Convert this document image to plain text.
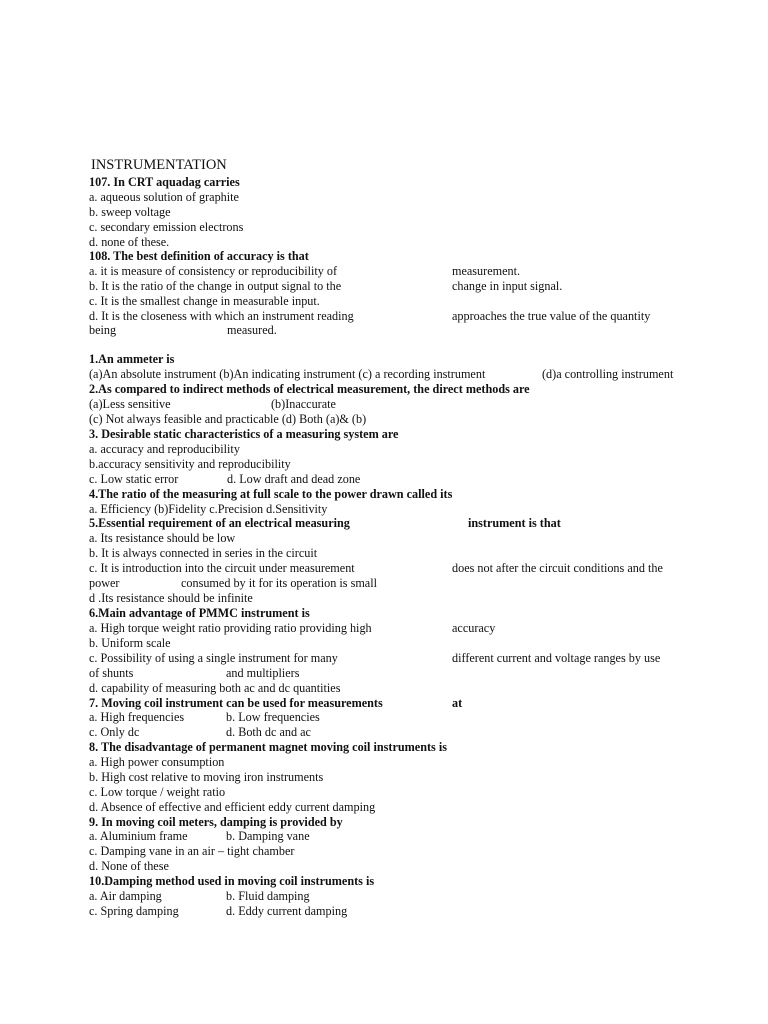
INSTRUMENTATION
107. In CRT aquadag carries
a. aqueous solution of graphite
b. sweep voltage
c. secondary emission electrons
d. none of these.
108. The best definition of accuracy is that
a. it is measure of consistency or reproducibility of	measurement.
b. It is the ratio of the change in output signal to the	change in input signal.
c. It is the smallest change in measurable input.
d. It is the closeness with which an instrument reading	approaches the true value of the quantity
being	measured.
1.An ammeter is
(a)An absolute instrument (b)An indicating instrument (c) a recording instrument	(d)a controlling instrument
2.As compared to indirect methods of electrical measurement, the direct methods are
(a)Less sensitive	(b)Inaccurate
(c) Not always feasible and practicable (d) Both (a)& (b)
3. Desirable static characteristics of a measuring system are
a. accuracy and reproducibility
b.accuracy sensitivity and reproducibility
c. Low static error	d. Low draft and dead zone
4.The ratio of the measuring at full scale to the power drawn called its
a. Efficiency (b)Fidelity c.Precision d.Sensitivity
5.Essential requirement of an electrical measuring	instrument is that
a. Its resistance should be low
b. It is always connected in series in the circuit
c. It is introduction into the circuit under measurement	does not after the circuit conditions and the
power	consumed by it for its operation is small
d .Its resistance should be infinite
6.Main advantage of PMMC instrument is
a. High torque weight ratio providing ratio providing high	accuracy
b. Uniform scale
c. Possibility of using a single instrument for many	different current and voltage ranges by use
of shunts	and multipliers
d. capability of measuring both ac and dc quantities
7. Moving coil instrument can be used for measurements	at
a. High frequencies	b. Low frequencies
c. Only dc	d. Both dc and ac
8. The disadvantage of permanent magnet moving coil instruments is
a. High power consumption
b. High cost relative to moving iron instruments
c. Low torque / weight ratio
d. Absence of effective and efficient eddy current damping
9. In moving coil meters, damping is provided by
a. Aluminium frame	b. Damping vane
c. Damping vane in an air – tight chamber
d. None of these
10.Damping method used in moving coil instruments is
a. Air damping	b. Fluid damping
c. Spring damping	d. Eddy current damping
